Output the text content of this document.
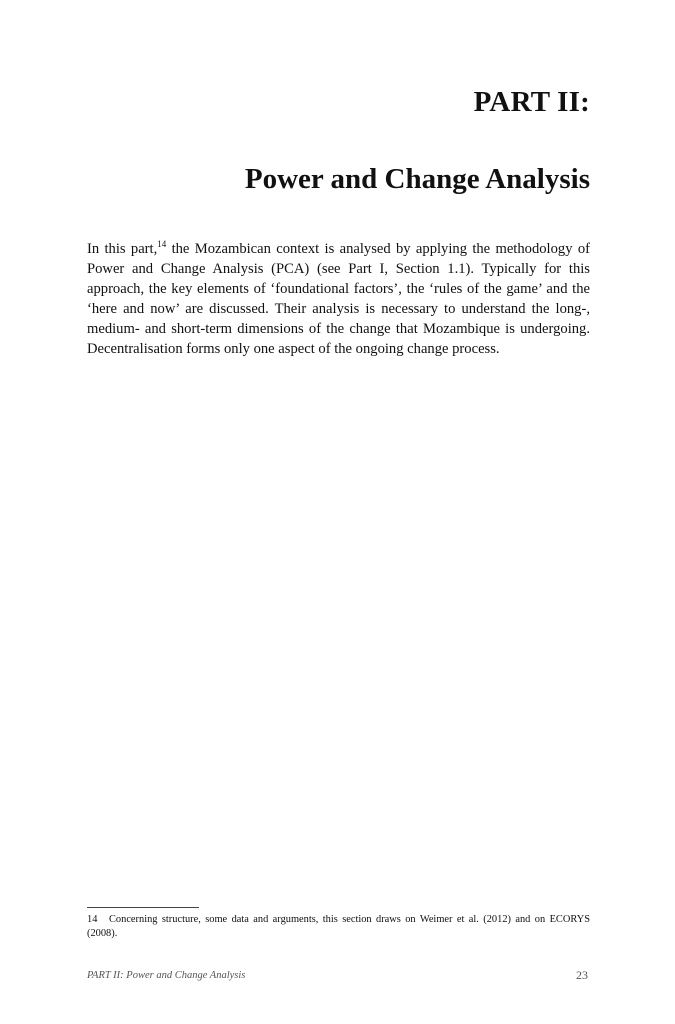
PART II:
Power and Change Analysis

In this part,$^{14}$ the Mozambican context is analysed by applying the methodology of Power and Change Analysis (PCA) (see Part I, Section 1.1). Typically for this approach, the key elements of ‘foundational factors’, the ‘rules of the game’ and the ‘here and now’ are discussed. Their analysis is necessary to understand the long-, medium- and short-term dimensions of the change that Mozambique is undergoing. Decentralisation forms only one aspect of the ongoing change process.

14 Concerning structure, some data and arguments, this section draws on Weimer et al. (2012) and on ECORYS (2008).
PART II: Power and Change Analysis	23
